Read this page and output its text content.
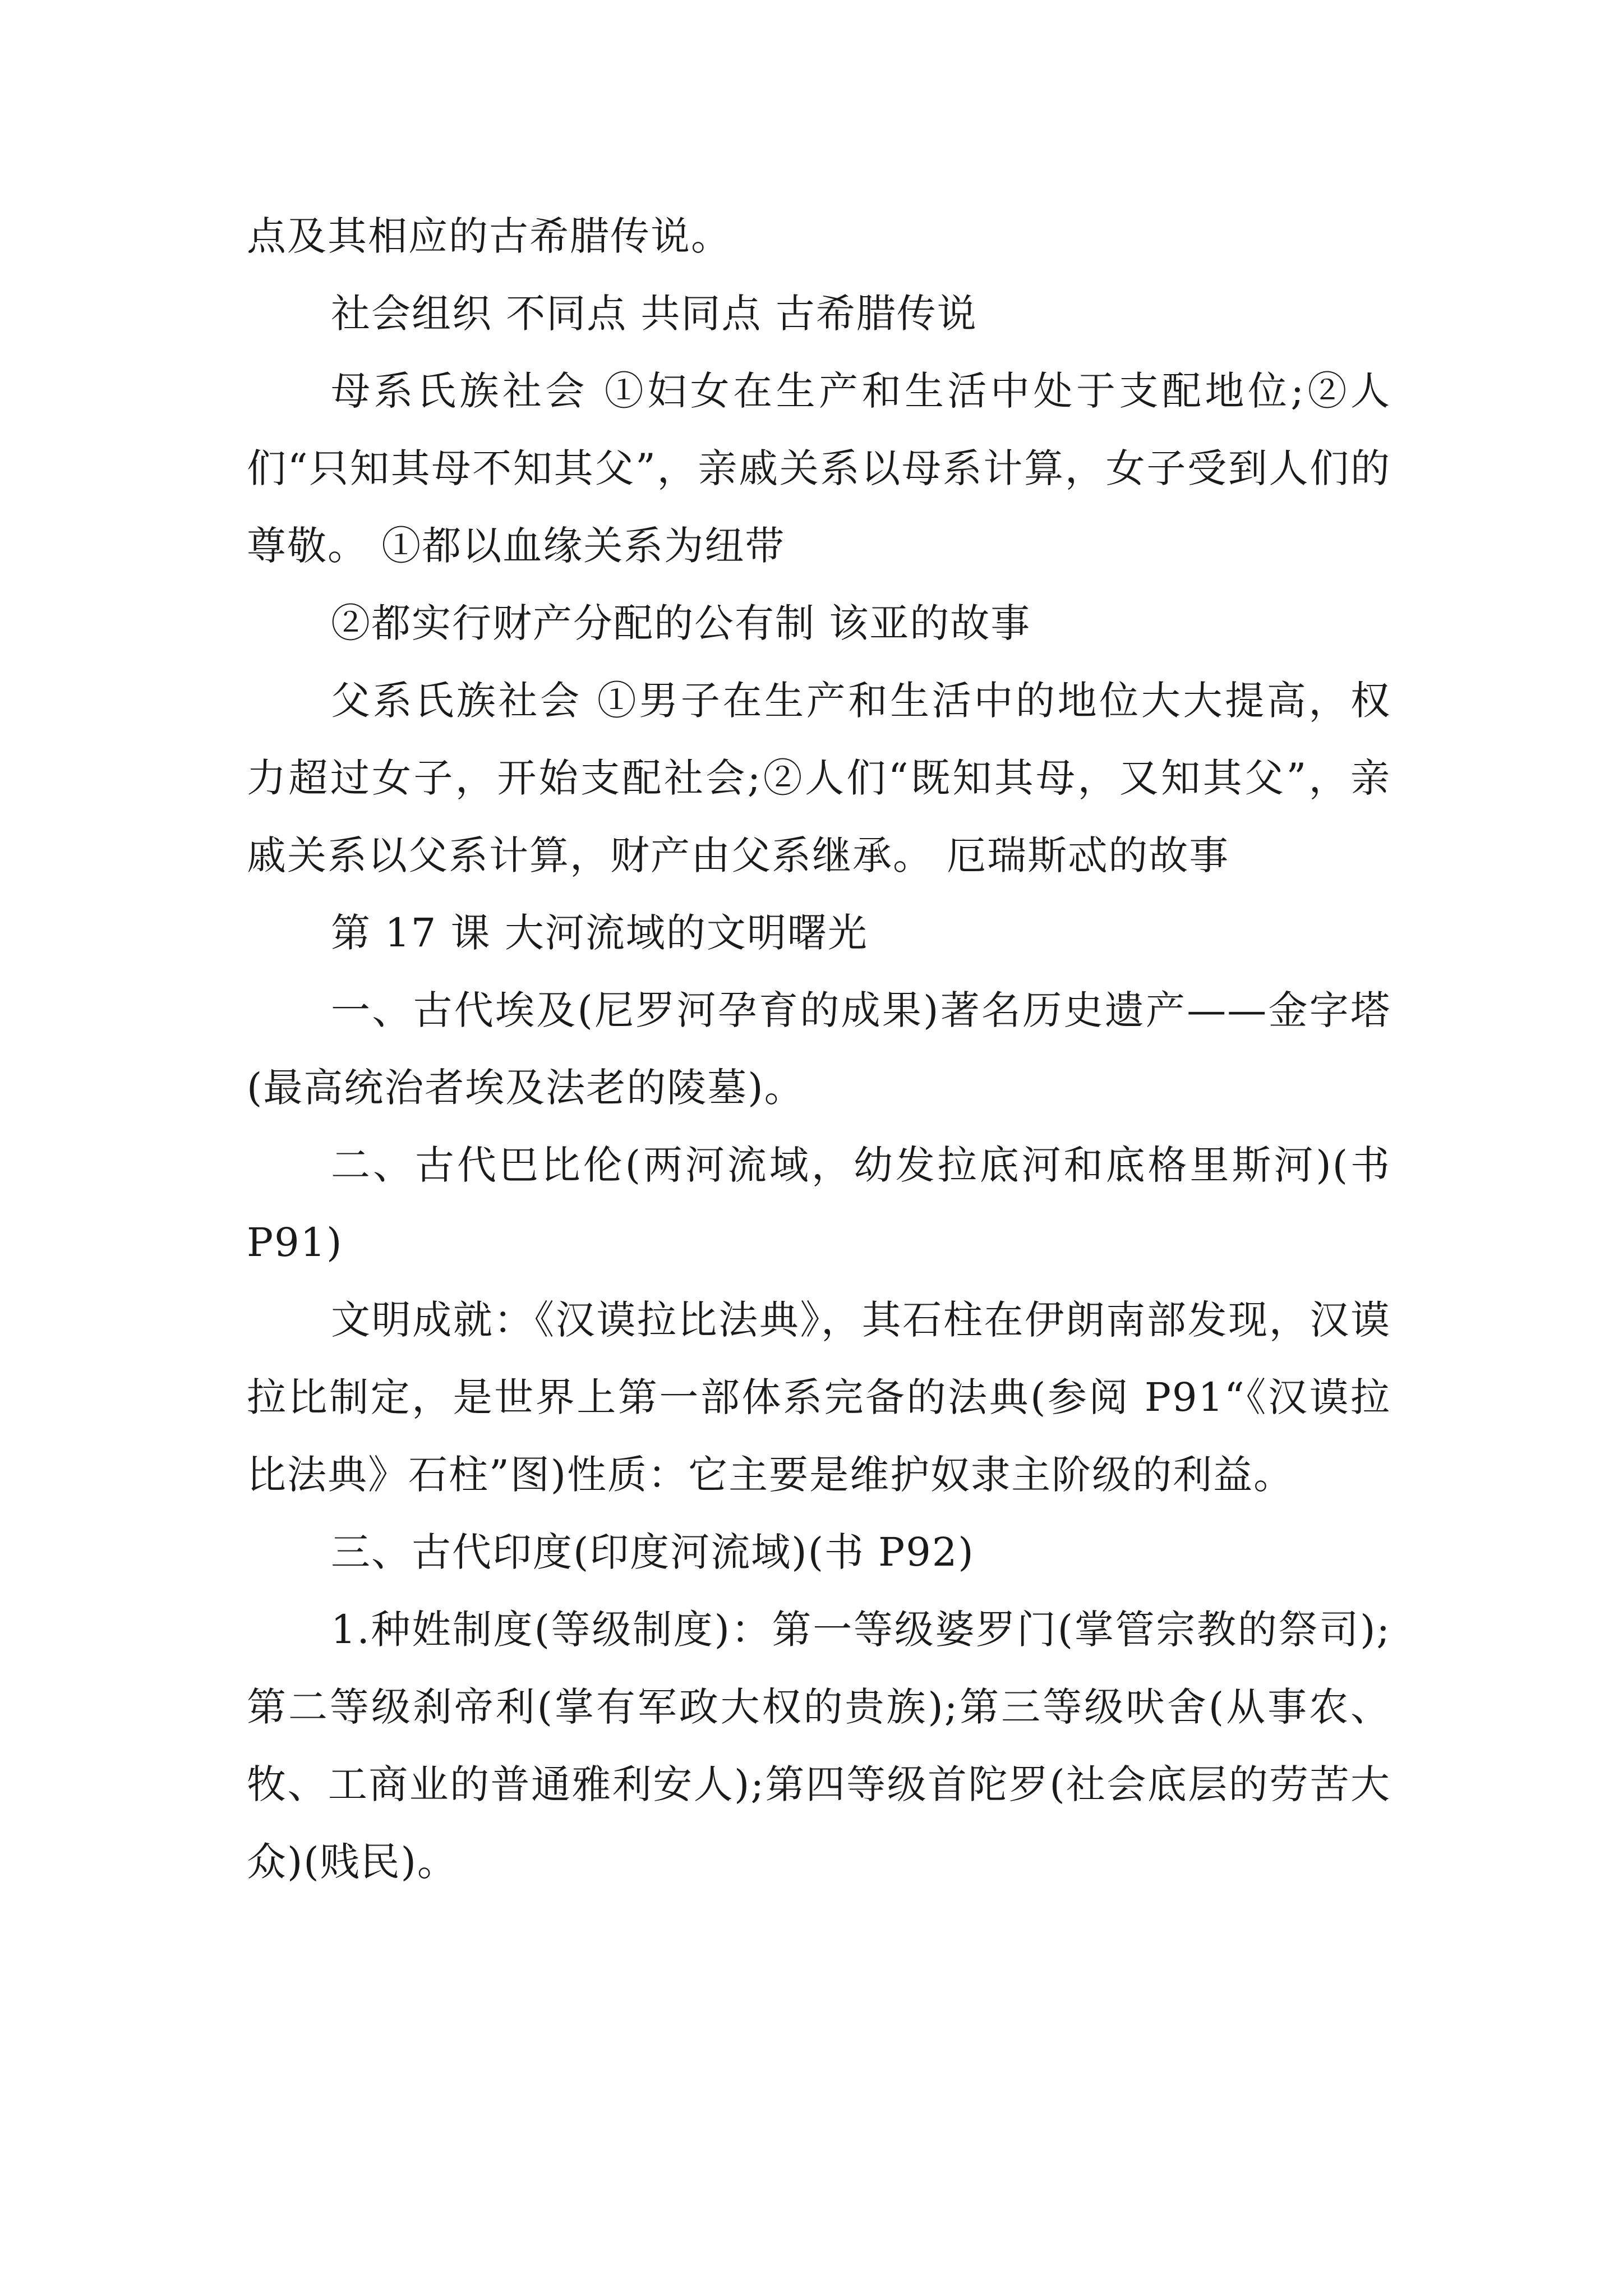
点及其相应的古希腊传说。

社会组织 不同点 共同点 古希腊传说

母系氏族社会 ①妇女在生产和生活中处于支配地位;②人们“只知其母不知其父”，亲戚关系以母系计算，女子受到人们的尊敬。 ①都以血缘关系为纽带

②都实行财产分配的公有制 该亚的故事

父系氏族社会 ①男子在生产和生活中的地位大大提高，权力超过女子，开始支配社会;②人们“既知其母，又知其父”，亲戚关系以父系计算，财产由父系继承。 厄瑞斯忒的故事

第 17 课 大河流域的文明曙光

一、古代埃及(尼罗河孕育的成果)著名历史遗产——金字塔(最高统治者埃及法老的陵墓)。

二、古代巴比伦(两河流域，幼发拉底河和底格里斯河)(书 P91)

文明成就：《汉谟拉比法典》，其石柱在伊朗南部发现，汉谟拉比制定，是世界上第一部体系完备的法典(参阅 P91“《汉谟拉比法典》石柱”图)性质：它主要是维护奴隶主阶级的利益。

三、古代印度(印度河流域)(书 P92)

1.种姓制度(等级制度)：第一等级婆罗门(掌管宗教的祭司);第二等级刹帝利(掌有军政大权的贵族);第三等级吠舍(从事农、牧、工商业的普通雅利安人);第四等级首陀罗(社会底层的劳苦大众)(贱民)。
